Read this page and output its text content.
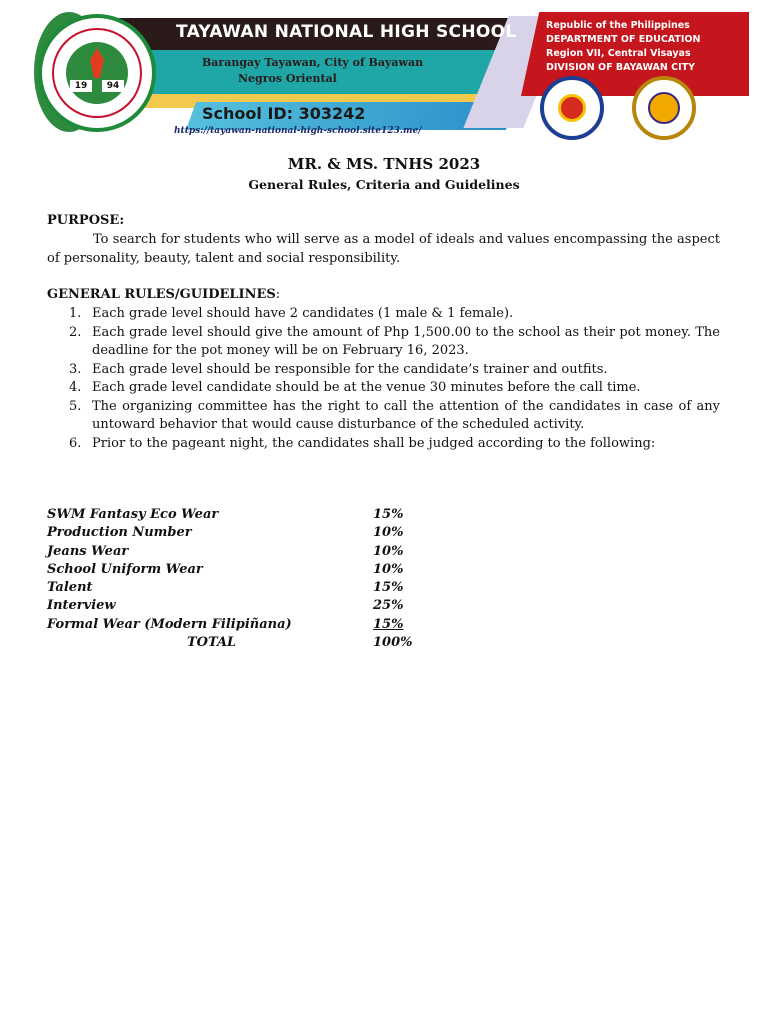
19	94
TAYAWAN NATIONAL HIGH SCHOOL
Barangay Tayawan, City of Bayawan
Negros Oriental
School ID: 303242
https://tayawan-national-high-school.site123.me/
Republic of the Philippines
DEPARTMENT OF EDUCATION
Region VII, Central Visayas
DIVISION OF BAYAWAN CITY
MR. & MS. TNHS 2023
General Rules, Criteria and Guidelines
PURPOSE:

To search for students who will serve as a model of ideals and values encompassing the aspect of personality, beauty, talent and social responsibility.

GENERAL RULES/GUIDELINES:
1. Each grade level should have 2 candidates (1 male & 1 female).
2. Each grade level should give the amount of Php 1,500.00 to the school as their pot money. The deadline for the pot money will be on February 16, 2023.
3. Each grade level should be responsible for the candidate’s trainer and outfits.
4. Each grade level candidate should be at the venue 30 minutes before the call time.
5. The organizing committee has the right to call the attention of the candidates in case of any untoward behavior that would cause disturbance of the scheduled activity.
6. Prior to the pageant night, the candidates shall be judged according to the following:
SWM Fantasy Eco Wear	15%
Production Number	10%
Jeans Wear	10%
School Uniform Wear	10%
Talent	15%
Interview	25%
Formal Wear (Modern Filipiñana)	15%
TOTAL	100%
